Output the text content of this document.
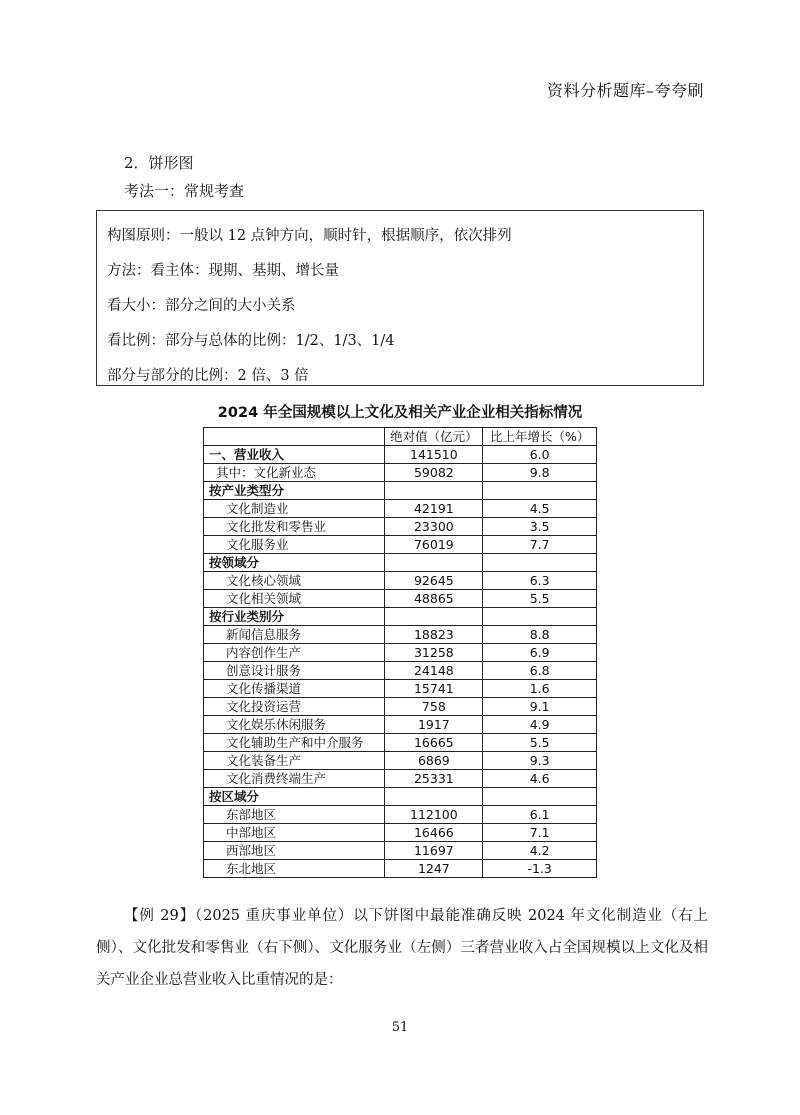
资料分析题库–夸夸刷
2．饼形图
考法一：常规考查

构图原则：一般以 12 点钟方向，顺时针，根据顺序，依次排列

方法：看主体：现期、基期、增长量

看大小：部分之间的大小关系

看比例：部分与总体的比例：1/2、1/3、1/4

部分与部分的比例：2 倍、3 倍

2024 年全国规模以上文化及相关产业企业相关指标情况
	绝对值（亿元）	比上年增长（%）
一、营业收入	141510	6.0
其中：文化新业态	59082	9.8
按产业类型分		
文化制造业	42191	4.5
文化批发和零售业	23300	3.5
文化服务业	76019	7.7
按领域分		
文化核心领域	92645	6.3
文化相关领域	48865	5.5
按行业类别分		
新闻信息服务	18823	8.8
内容创作生产	31258	6.9
创意设计服务	24148	6.8
文化传播渠道	15741	1.6
文化投资运营	758	9.1
文化娱乐休闲服务	1917	4.9
文化辅助生产和中介服务	16665	5.5
文化装备生产	6869	9.3
文化消费终端生产	25331	4.6
按区域分		
东部地区	112100	6.1
中部地区	16466	7.1
西部地区	11697	4.2
东北地区	1247	-1.3
【例 29】（2025 重庆事业单位）以下饼图中最能准确反映 2024 年文化制造业（右上侧）、文化批发和零售业（右下侧）、文化服务业（左侧）三者营业收入占全国规模以上文化及相关产业企业总营业收入比重情况的是：
51
